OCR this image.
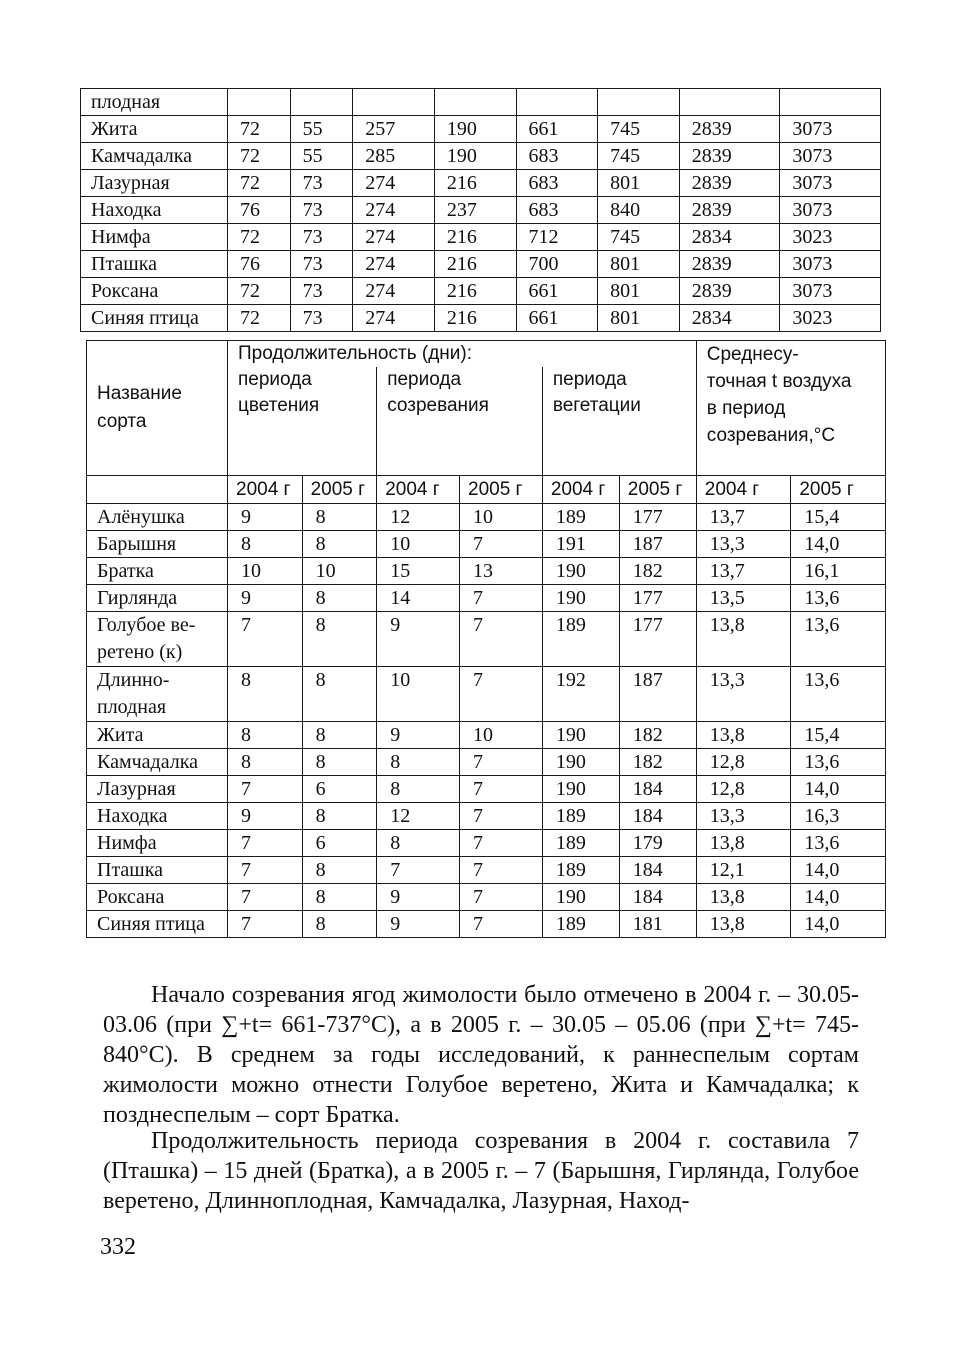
плодная								
Жита	72	55	257	190	661	745	2839	3073
Камчадалка	72	55	285	190	683	745	2839	3073
Лазурная	72	73	274	216	683	801	2839	3073
Находка	76	73	274	237	683	840	2839	3073
Нимфа	72	73	274	216	712	745	2834	3023
Пташка	76	73	274	216	700	801	2839	3073
Роксана	72	73	274	216	661	801	2839	3073
Синяя птица	72	73	274	216	661	801	2834	3023
Название сорта	Продолжительность (дни):						Среднесу-точная t воздуха в период созревания,°С	

	периода цветения		периода созревания		периода вегетации			

	2004 г	2005 г	2004 г	2005 г	2004 г	2005 г	2004 г	2005 г
Алёнушка	9	8	12	10	189	177	13,7	15,4
Барышня	8	8	10	7	191	187	13,3	14,0
Братка	10	10	15	13	190	182	13,7	16,1
Гирлянда	9	8	14	7	190	177	13,5	13,6
Голубое ве-ретено (к)	7	8	9	7	189	177	13,8	13,6
Длинно-плодная	8	8	10	7	192	187	13,3	13,6
Жита	8	8	9	10	190	182	13,8	15,4
Камчадалка	8	8	8	7	190	182	12,8	13,6
Лазурная	7	6	8	7	190	184	12,8	14,0
Находка	9	8	12	7	189	184	13,3	16,3
Нимфа	7	6	8	7	189	179	13,8	13,6
Пташка	7	8	7	7	189	184	12,1	14,0
Роксана	7	8	9	7	190	184	13,8	14,0
Синяя птица	7	8	9	7	189	181	13,8	14,0

Начало созревания ягод жимолости было отмечено в 2004 г. – 30.05- 03.06 (при ∑+t= 661-737°С), а в 2005 г. – 30.05 – 05.06 (при ∑+t= 745-840°С). В среднем за годы исследований, к раннеспелым сортам жимолости можно отнести Голубое веретено, Жита и Камчадалка; к позднеспелым – сорт Братка.

Продолжительность периода созревания в 2004 г. составила 7 (Пташка) – 15 дней (Братка), а в 2005 г. – 7 (Барышня, Гирлянда, Голубое веретено, Длинноплодная, Камчадалка, Лазурная, Наход-

332
